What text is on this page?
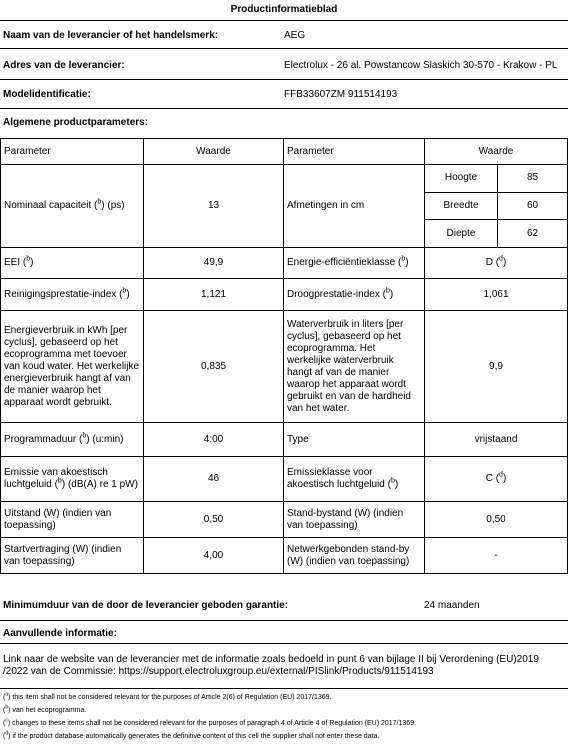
Productinformatieblad
Naam van de leverancier of het handelsmerk:	AEG
Adres van de leverancier:	Electrolux - 26 al. Powstancow Slaskich 30-570 - Krakow - PL
Modelidentificatie:	FFB33607ZM 911514193
Algemene productparameters:
Parameter	Waarde	Parameter	Waarde
Nominaal capaciteit ($^b$) (ps)	13	Afmetingen in cm	
Hoogte	85
Breedte	60
Diepte	62

EEI ($^b$)	49,9	Energie-efficiëntieklasse ($^b$)	D ($^d$)
Reinigingsprestatie-index ($^b$)	1,121	Droogprestatie-index ($^b$)	1,061
Energieverbruik in kWh [per cyclus], gebaseerd op het ecoprogramma met toevoer van koud water. Het werkelijke energieverbruik hangt af van de manier waarop het apparaat wordt gebruikt.	0,835	Waterverbruik in liters [per cyclus], gebaseerd op het ecoprogramma. Het werkelijke waterverbruik hangt af van de manier waarop het apparaat wordt gebruikt en van de hardheid van het water.	9,9
Programmaduur ($^b$) (u:min)	4:00	Type	vrijstaand
Emissie van akoestisch luchtgeluid ($^b$) (dB(A) re 1 pW)	46	Emissieklasse voor akoestisch luchtgeluid ($^b$)	C ($^d$)
Uitstand (W) (indien van toepassing)	0,50	Stand-bystand (W) (indien van toepassing)	0,50
Startvertraging (W) (indien van toepassing)	4,00	Netwerkgebonden stand-by (W) (indien van toepassing)	-
Minimumduur van de door de leverancier geboden garantie:	24 maanden
Aanvullende informatie:
Link naar de website van de leverancier met de informatie zoals bedoeld in punt 6 van bijlage II bij Verordening (EU)2019 /2022 van de Commissie: https://support.electroluxgroup.eu/external/PISlink/Products/911514193
($^a$) this item shall not be considered relevant for the purposes of Article 2(6) of Regulation (EU) 2017/1369.
($^b$) van het ecoprogramma.
($^c$) changes to these items shall not be considered relevant for the purposes of paragraph 4 of Article 4 of Regulation (EU) 2017/1369.
($^d$) if the product database automatically generates the definitive content of this cell the supplier shall not enter these data.
